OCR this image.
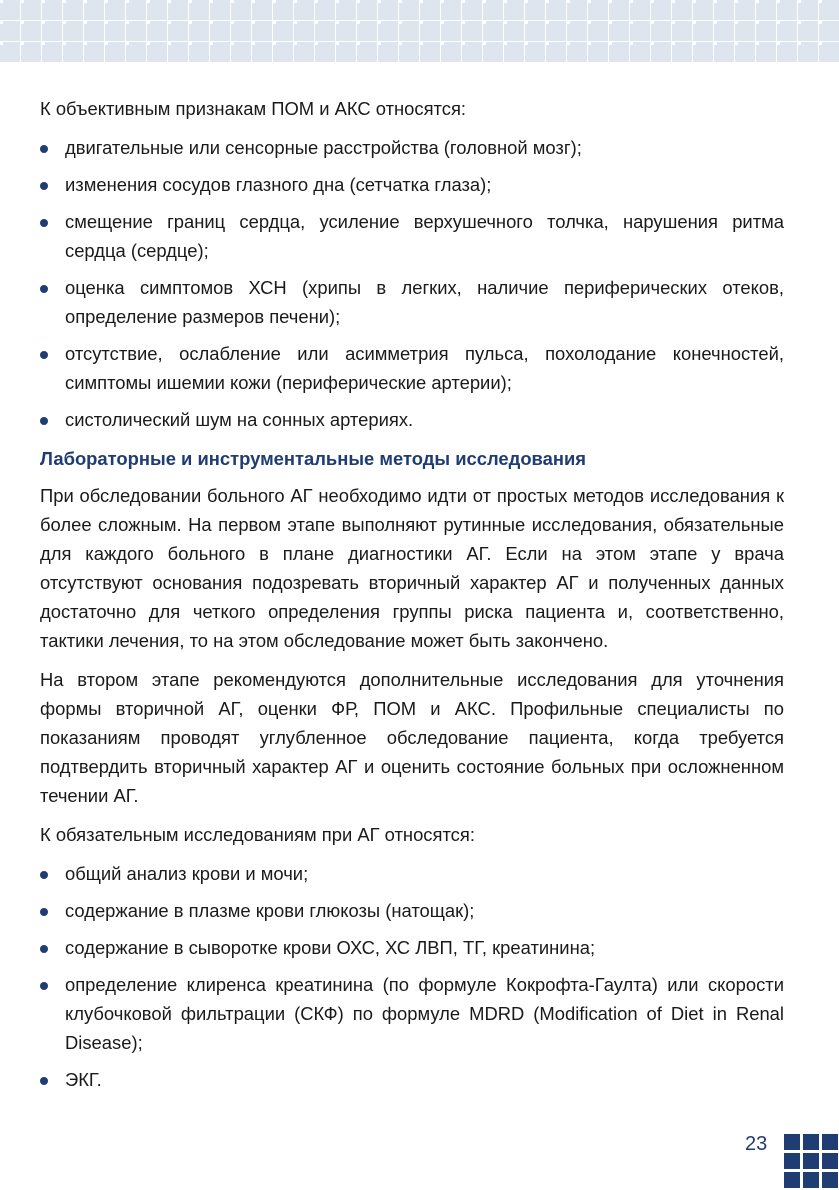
К объективным признакам ПОМ и АКС относятся:

двигательные или сенсорные расстройства (головной мозг);
изменения сосудов глазного дна (сетчатка глаза);
смещение границ сердца, усиление верхушечного толчка, нарушения ритма сердца (сердце);
оценка симптомов ХСН (хрипы в легких, наличие периферических отеков, определение размеров печени);
отсутствие, ослабление или асимметрия пульса, похолодание конечностей, симптомы ишемии кожи (периферические артерии);
систолический шум на сонных артериях.
Лабораторные и инструментальные методы исследования

При обследовании больного АГ необходимо идти от простых методов исследования к более сложным. На первом этапе выполняют рутинные исследования, обязательные для каждого больного в плане диагностики АГ. Если на этом этапе у врача отсутствуют основания подозревать вторичный характер АГ и полученных данных достаточно для четкого определения группы риска пациента и, соответственно, тактики лечения, то на этом обследование может быть закончено.

На втором этапе рекомендуются дополнительные исследования для уточнения формы вторичной АГ, оценки ФР, ПОМ и АКС. Профильные специалисты по показаниям проводят углубленное обследование пациента, когда требуется подтвердить вторичный характер АГ и оценить состояние больных при осложненном течении АГ.

К обязательным исследованиям при АГ относятся:

общий анализ крови и мочи;
содержание в плазме крови глюкозы (натощак);
содержание в сыворотке крови ОХС, ХС ЛВП, ТГ, креатинина;
определение клиренса креатинина (по формуле Кокрофта-Гаулта) или скорости клубочковой фильтрации (СКФ) по формуле MDRD (Modification of Diet in Renal Disease);
ЭКГ.
23
